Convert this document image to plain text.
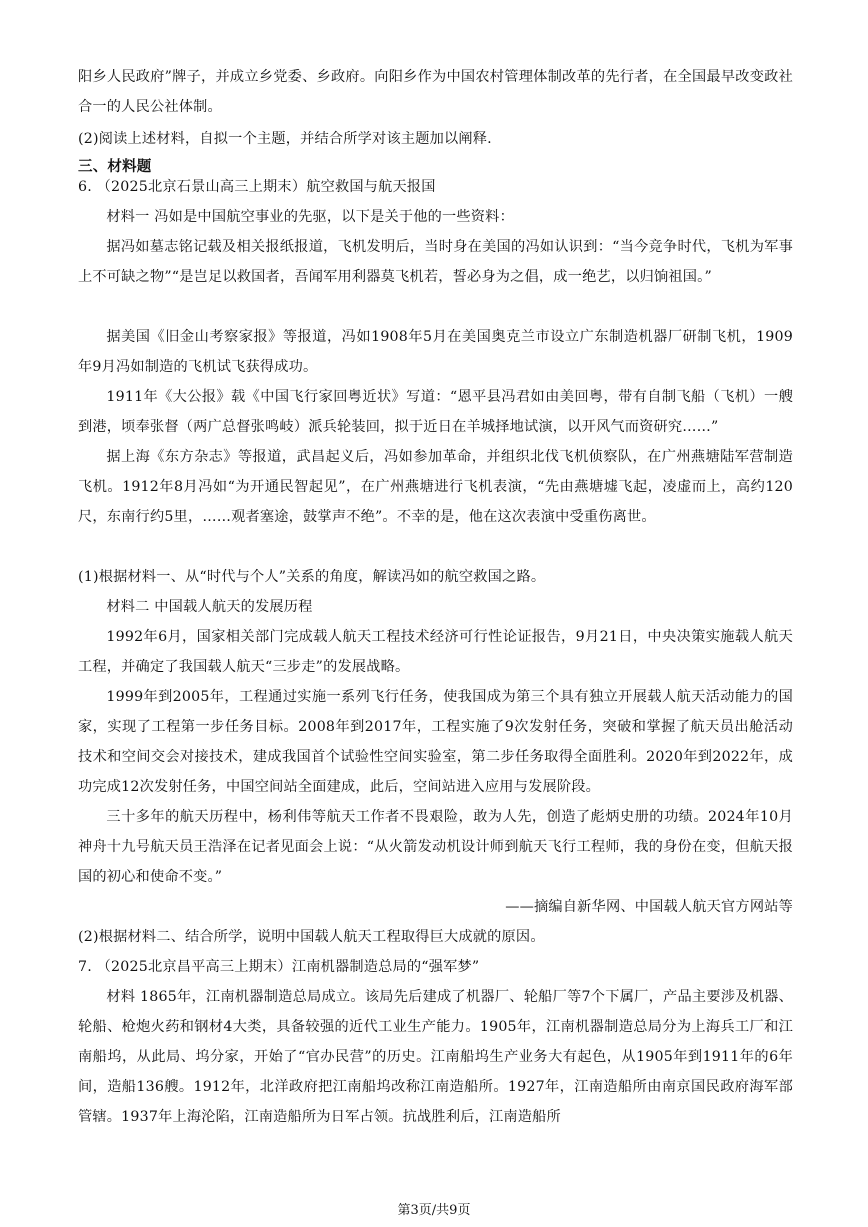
阳乡人民政府”牌子，并成立乡党委、乡政府。向阳乡作为中国农村管理体制改革的先行者，在全国最早改变政社合一的人民公社体制。

(2)阅读上述材料，自拟一个主题，并结合所学对该主题加以阐释.

三、材料题

6. （2025北京石景山高三上期末）航空救国与航天报国

材料一 冯如是中国航空事业的先驱，以下是关于他的一些资料：

据冯如墓志铭记载及相关报纸报道，飞机发明后，当时身在美国的冯如认识到：“当今竞争时代，飞机为军事上不可缺之物”“是岂足以救国者，吾闻军用利器莫飞机若，誓必身为之倡，成一绝艺，以归饷祖国。”

据美国《旧金山考察家报》等报道，冯如1908年5月在美国奥克兰市设立广东制造机器厂研制飞机，1909年9月冯如制造的飞机试飞获得成功。

1911年《大公报》载《中国飞行家回粤近状》写道：“恩平县冯君如由美回粤，带有自制飞船（飞机）一艘到港，顷奉张督（两广总督张鸣岐）派兵轮装回，拟于近日在羊城择地试演，以开风气而资研究……”

据上海《东方杂志》等报道，武昌起义后，冯如参加革命，并组织北伐飞机侦察队，在广州燕塘陆军营制造飞机。1912年8月冯如“为开通民智起见”，在广州燕塘进行飞机表演，“先由燕塘墟飞起，凌虚而上，高约120尺，东南行约5里，……观者塞途，鼓掌声不绝”。不幸的是，他在这次表演中受重伤离世。

(1)根据材料一、从“时代与个人”关系的角度，解读冯如的航空救国之路。

材料二 中国载人航天的发展历程

1992年6月，国家相关部门完成载人航天工程技术经济可行性论证报告，9月21日，中央决策实施载人航天工程，并确定了我国载人航天“三步走”的发展战略。

1999年到2005年，工程通过实施一系列飞行任务，使我国成为第三个具有独立开展载人航天活动能力的国家，实现了工程第一步任务目标。2008年到2017年，工程实施了9次发射任务，突破和掌握了航天员出舱活动技术和空间交会对接技术，建成我国首个试验性空间实验室，第二步任务取得全面胜利。2020年到2022年，成功完成12次发射任务，中国空间站全面建成，此后，空间站进入应用与发展阶段。

三十多年的航天历程中，杨利伟等航天工作者不畏艰险，敢为人先，创造了彪炳史册的功绩。2024年10月神舟十九号航天员王浩泽在记者见面会上说：“从火箭发动机设计师到航天飞行工程师，我的身份在变，但航天报国的初心和使命不变。”

——摘编自新华网、中国载人航天官方网站等

(2)根据材料二、结合所学，说明中国载人航天工程取得巨大成就的原因。

7. （2025北京昌平高三上期末）江南机器制造总局的“强军梦”

材料 1865年，江南机器制造总局成立。该局先后建成了机器厂、轮船厂等7个下属厂，产品主要涉及机器、轮船、枪炮火药和钢材4大类，具备较强的近代工业生产能力。1905年，江南机器制造总局分为上海兵工厂和江南船坞，从此局、坞分家，开始了“官办民营”的历史。江南船坞生产业务大有起色，从1905年到1911年的6年间，造船136艘。1912年，北洋政府把江南船坞改称江南造船所。1927年，江南造船所由南京国民政府海军部管辖。1937年上海沦陷，江南造船所为日军占领。抗战胜利后，江南造船所

第3页/共9页
